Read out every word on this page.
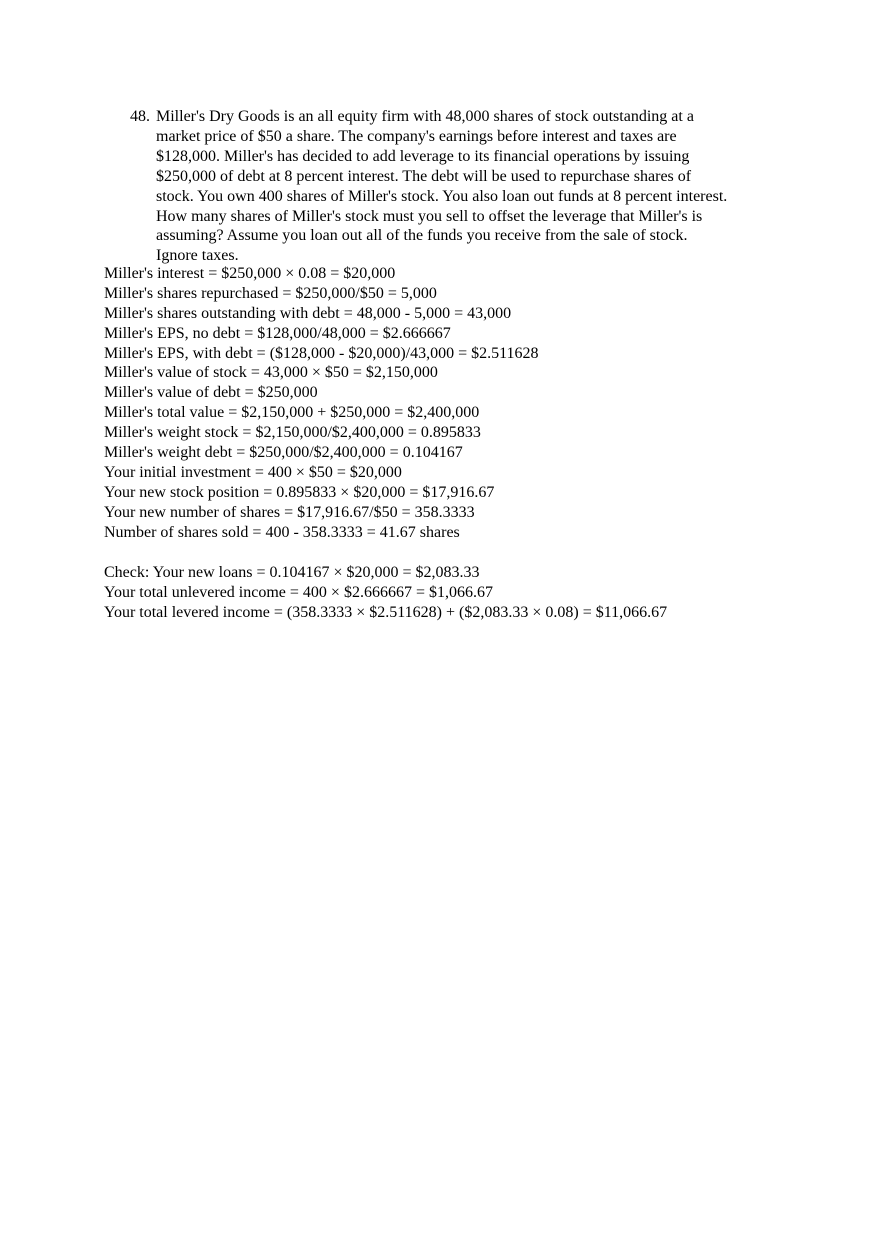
48. Miller's Dry Goods is an all equity firm with 48,000 shares of stock outstanding at a
market price of $50 a share. The company's earnings before interest and taxes are
$128,000. Miller's has decided to add leverage to its financial operations by issuing
$250,000 of debt at 8 percent interest. The debt will be used to repurchase shares of
stock. You own 400 shares of Miller's stock. You also loan out funds at 8 percent interest.
How many shares of Miller's stock must you sell to offset the leverage that Miller's is
assuming? Assume you loan out all of the funds you receive from the sale of stock.
Ignore taxes.
Miller's interest = $250,000 × 0.08 = $20,000
Miller's shares repurchased = $250,000/$50 = 5,000
Miller's shares outstanding with debt = 48,000 - 5,000 = 43,000
Miller's EPS, no debt = $128,000/48,000 = $2.666667
Miller's EPS, with debt = ($128,000 - $20,000)/43,000 = $2.511628
Miller's value of stock = 43,000 × $50 = $2,150,000
Miller's value of debt = $250,000
Miller's total value = $2,150,000 + $250,000 = $2,400,000
Miller's weight stock = $2,150,000/$2,400,000 = 0.895833
Miller's weight debt = $250,000/$2,400,000 = 0.104167
Your initial investment = 400 × $50 = $20,000
Your new stock position = 0.895833 × $20,000 = $17,916.67
Your new number of shares = $17,916.67/$50 = 358.3333
Number of shares sold = 400 - 358.3333 = 41.67 shares
Check: Your new loans = 0.104167 × $20,000 = $2,083.33
Your total unlevered income = 400 × $2.666667 = $1,066.67
Your total levered income = (358.3333 × $2.511628) + ($2,083.33 × 0.08) = $11,066.67
